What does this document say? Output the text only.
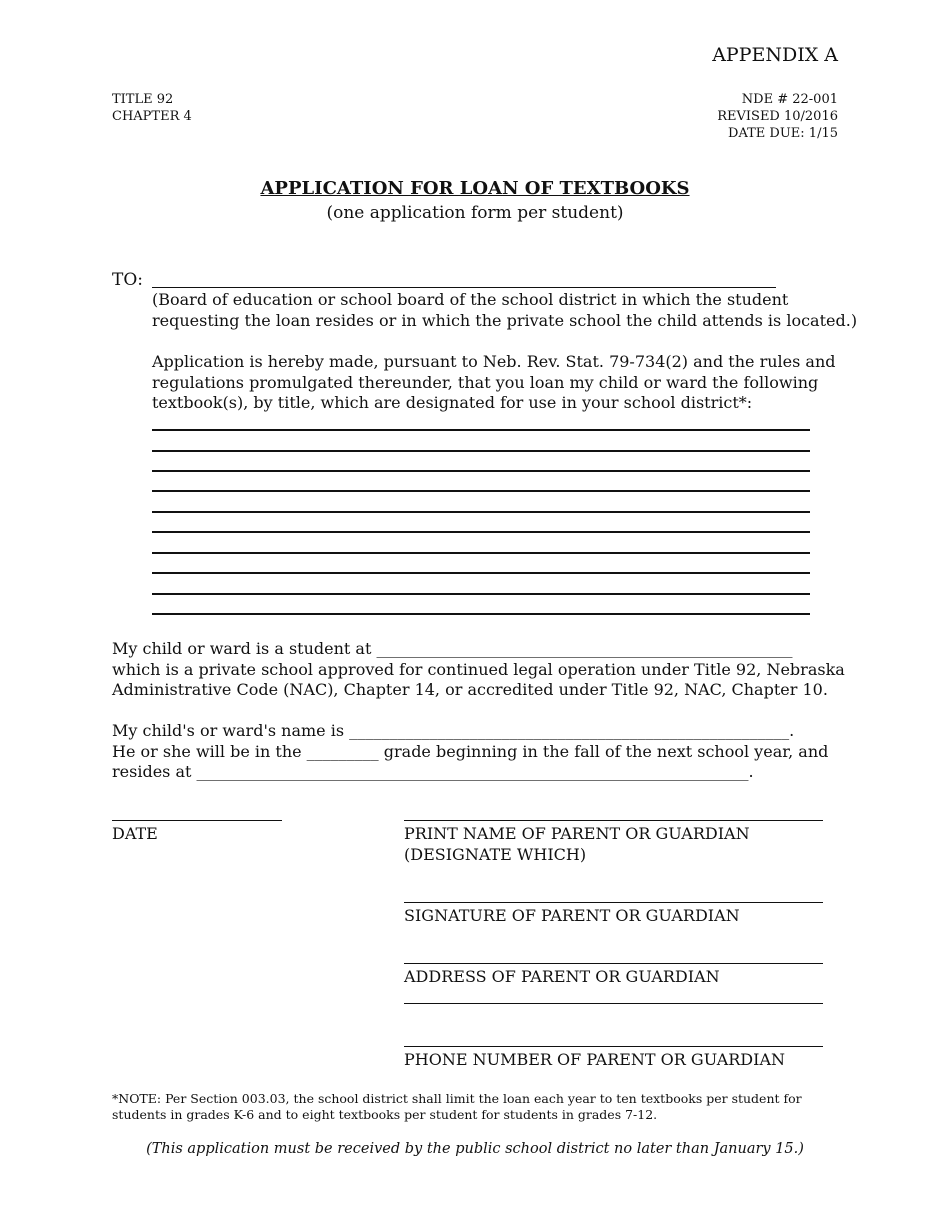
APPENDIX A
TITLE 92
CHAPTER 4
NDE # 22-001
REVISED 10/2016
DATE DUE: 1/15
APPLICATION FOR LOAN OF TEXTBOOKS
(one application form per student)
TO:
(Board of education or school board of the school district in which the student
requesting the loan resides or in which the private school the child attends is located.)
Application is hereby made, pursuant to Neb. Rev. Stat. 79-734(2) and the rules and
regulations promulgated thereunder, that you loan my child or ward the following
textbook(s), by title, which are designated for use in your school district*:
My child or ward is a student at ____________________________________________________
which is a private school approved for continued legal operation under Title 92, Nebraska
Administrative Code (NAC), Chapter 14, or accredited under Title 92, NAC, Chapter 10.
My child's or ward's name is _______________________________________________________.
He or she will be in the _________ grade beginning in the fall of the next school year, and
resides at _____________________________________________________________________.
DATE	PRINT NAME OF PARENT OR GUARDIAN
(DESIGNATE WHICH)
SIGNATURE OF PARENT OR GUARDIAN
ADDRESS OF PARENT OR GUARDIAN
PHONE NUMBER OF PARENT OR GUARDIAN
*NOTE: Per Section 003.03, the school district shall limit the loan each year to ten textbooks per student for
students in grades K-6 and to eight textbooks per student for students in grades 7-12.
(This application must be received by the public school district no later than January 15.)
